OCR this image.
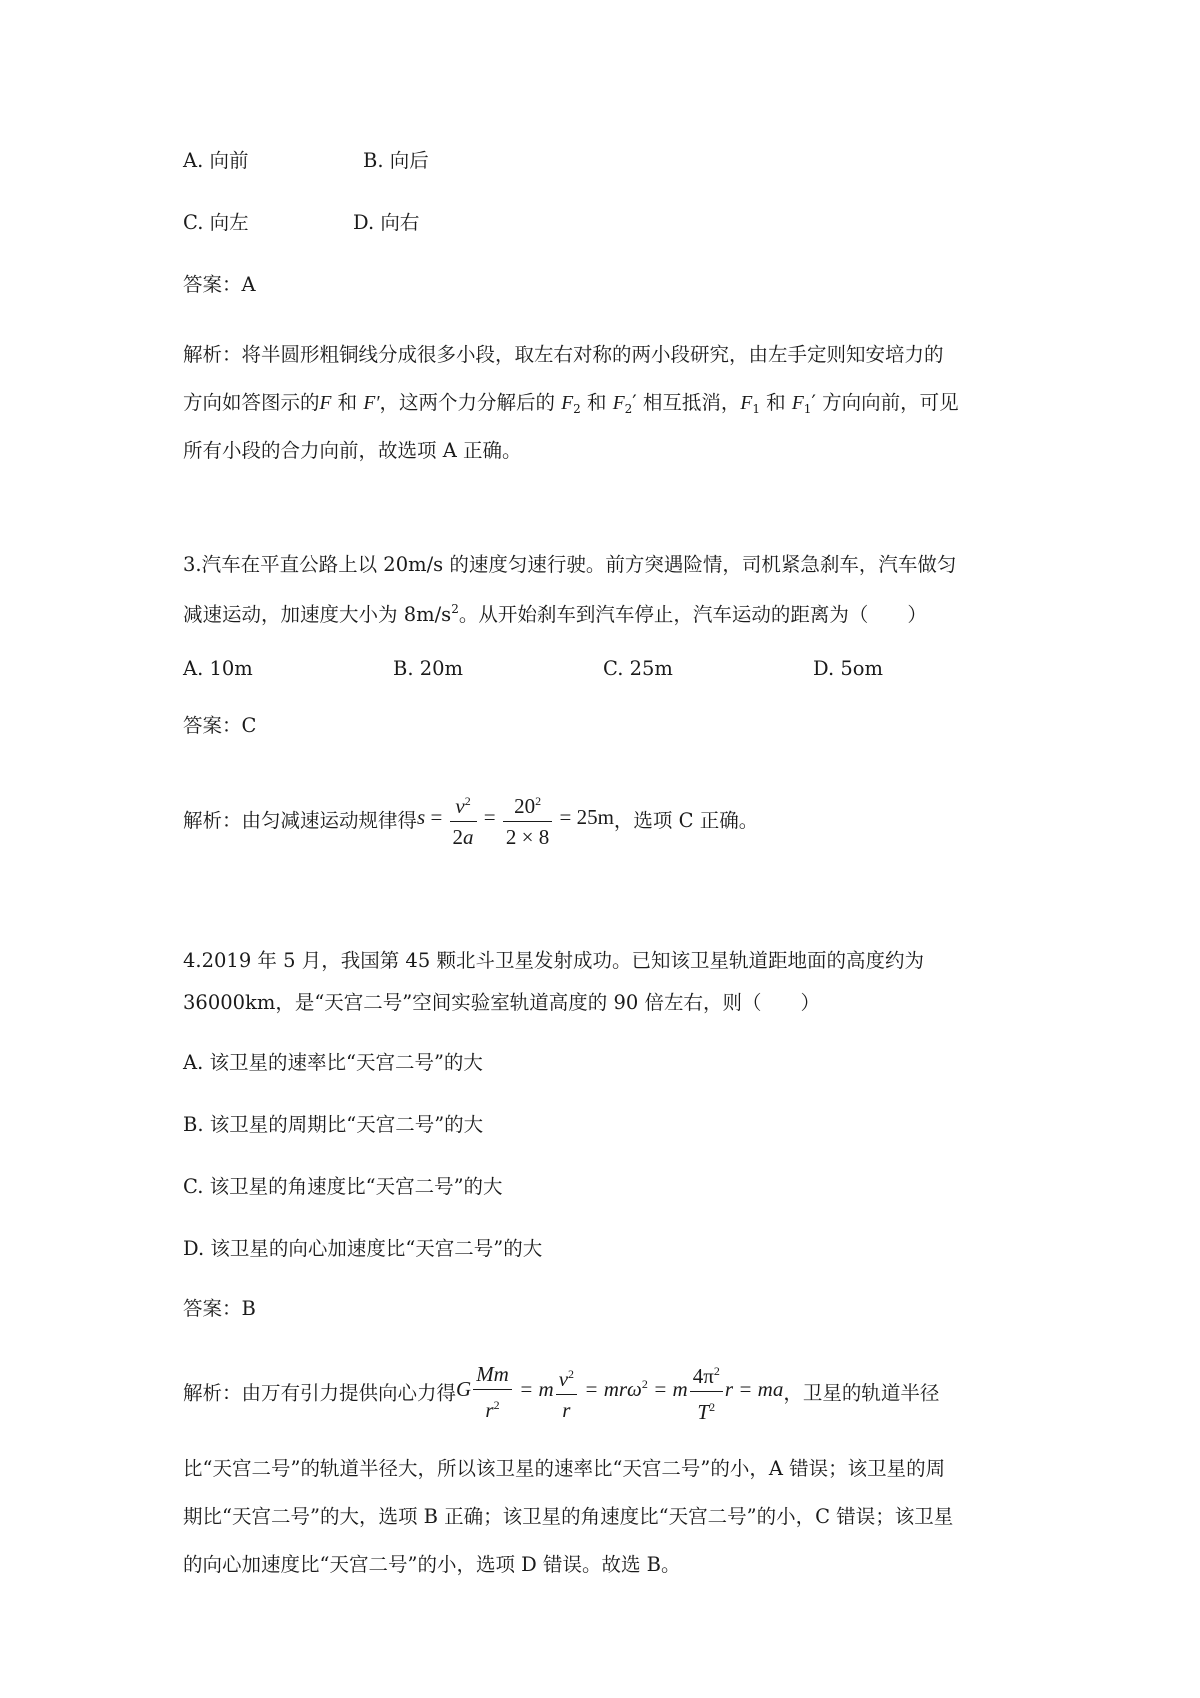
A. 向前	B. 向后
C. 向左	D. 向右
答案：A
解析：将半圆形粗铜线分成很多小段，取左右对称的两小段研究，由左手定则知安培力的
方向如答图示的F 和 F′，这两个力分解后的 $F_2$ 和 $F_2'$ 相互抵消，$F_1$ 和 $F_1'$ 方向向前，可见
所有小段的合力向前，故选项 A 正确。
3.汽车在平直公路上以 20m/s 的速度匀速行驶。前方突遇险情，司机紧急刹车，汽车做匀
减速运动，加速度大小为 $8m/s^2$。从开始刹车到汽车停止，汽车运动的距离为（　　）
A. 10m	B. 20m	C. 25m	D. 5om
答案：C
解析：由匀减速运动规律得$s = \frac{v^2}{2a} = \frac{20^2}{2 \times 8} = 25m$，选项 C 正确。
4.2019 年 5 月，我国第 45 颗北斗卫星发射成功。已知该卫星轨道距地面的高度约为
36000km，是“天宫二号”空间实验室轨道高度的 90 倍左右，则（　　）
A. 该卫星的速率比“天宫二号”的大
B. 该卫星的周期比“天宫二号”的大
C. 该卫星的角速度比“天宫二号”的大
D. 该卫星的向心加速度比“天宫二号”的大
答案：B
解析：由万有引力提供向心力得G $\frac{Mm}{r^2} = m \frac{v^2}{r} = mr\omega^2 = m \frac{4\pi^2}{T^2}$ r = ma，卫星的轨道半径
比“天宫二号”的轨道半径大，所以该卫星的速率比“天宫二号”的小，A 错误；该卫星的周
期比“天宫二号”的大，选项 B 正确；该卫星的角速度比“天宫二号”的小，C 错误；该卫星
的向心加速度比“天宫二号”的小，选项 D 错误。故选 B。
